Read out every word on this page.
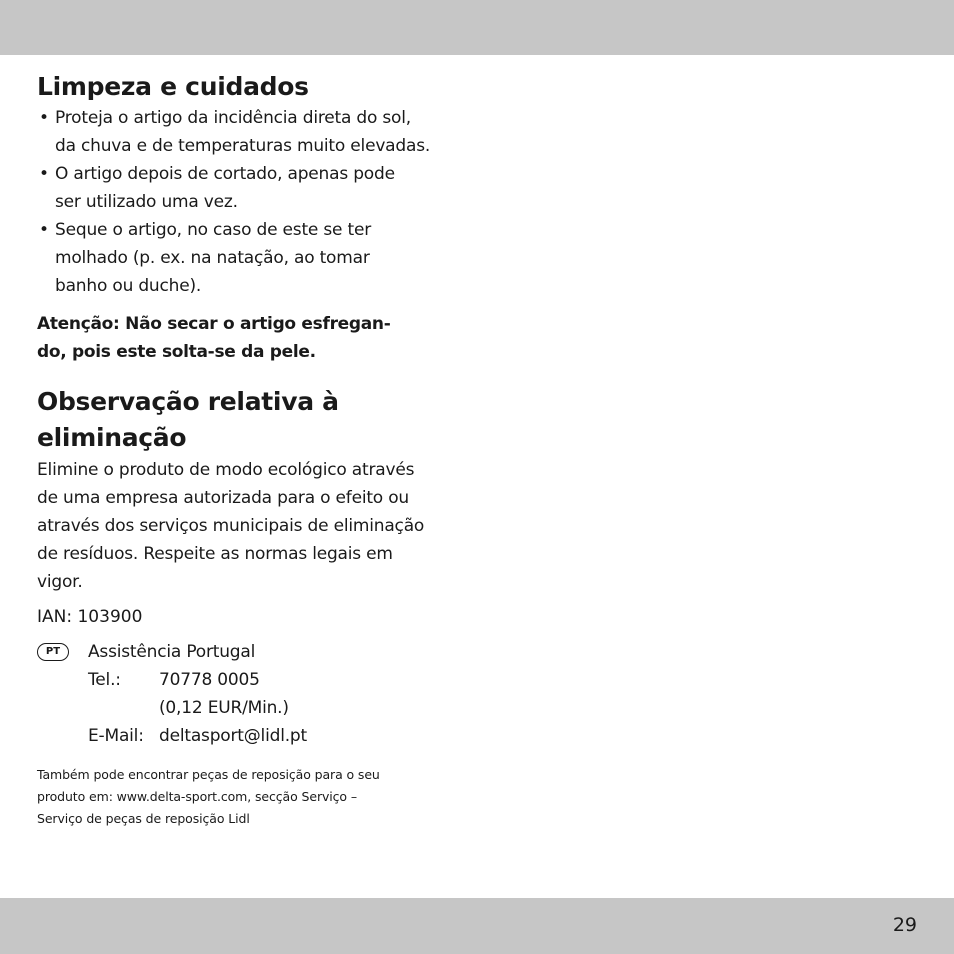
Limpeza e cuidados
• Proteja o artigo da incidência direta do sol,
da chuva e de temperaturas muito elevadas.
• O artigo depois de cortado, apenas pode
ser utilizado uma vez.
• Seque o artigo, no caso de este se ter
molhado (p. ex. na natação, ao tomar
banho ou duche).
Atenção: Não secar o artigo esfregan-
do, pois este solta-se da pele.
Observação relativa à
eliminação

Elimine o produto de modo ecológico através
de uma empresa autorizada para o efeito ou
através dos serviços municipais de eliminação
de resíduos. Respeite as normas legais em
vigor.

IAN: 103900
PT	Assistência Portugal
Tel.: 70778 0005
(0,12 EUR/Min.)
E-Mail: deltasport@lidl.pt
Também pode encontrar peças de reposição para o seu
produto em: www.delta-sport.com, secção Serviço –
Serviço de peças de reposição Lidl
29
